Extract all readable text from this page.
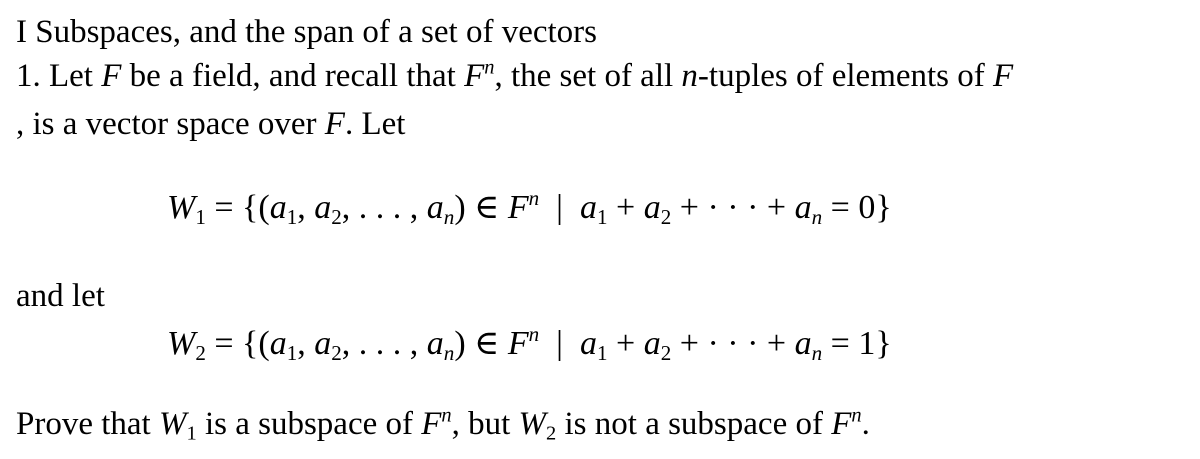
I Subspaces, and the span of a set of vectors
1. Let F be a field, and recall that $F^n$, the set of all n-tuples of elements of F
, is a vector space over F. Let
$W_1 = \{(a_1$, $a_2$, . . . , $a_n$) ∈ $F^n$  |  $a_1 + a_2$ + · · · + $a_n = 0$}
and let
$W_2 = \{(a_1$, $a_2$, . . . , $a_n$) ∈ $F^n$  |  $a_1 + a_2$ + · · · + $a_n = 1$}
Prove that $W_1$ is a subspace of $F^n$, but $W_2$ is not a subspace of $F^n$.
